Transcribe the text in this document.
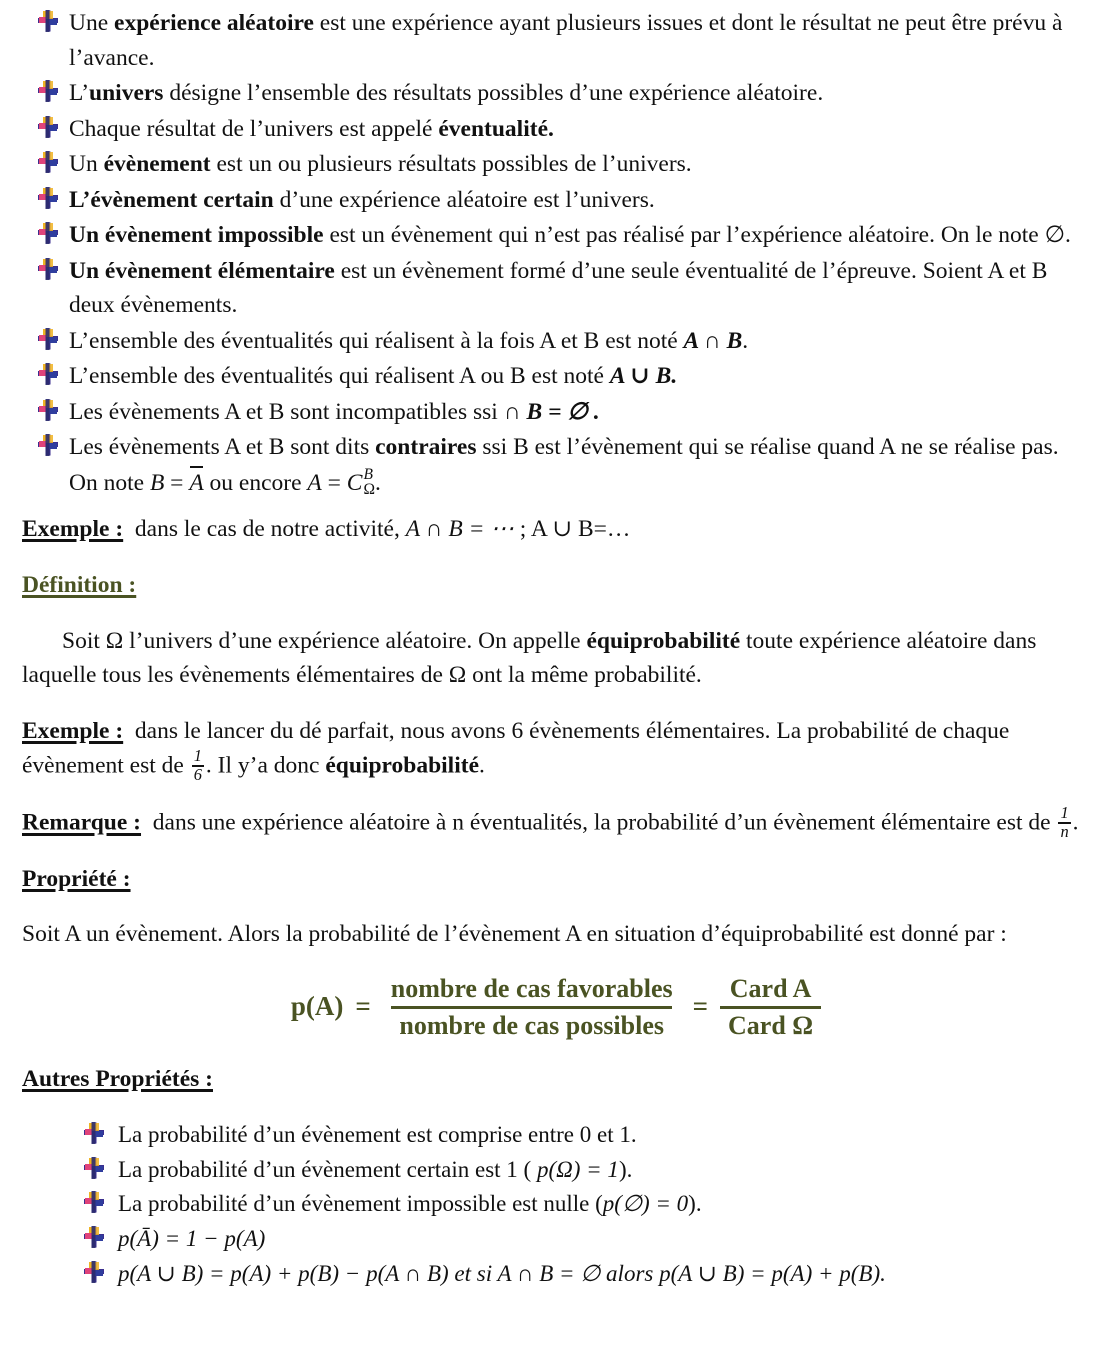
Une expérience aléatoire est une expérience ayant plusieurs issues et dont le résultat ne peut être prévu à l’avance.
L’univers désigne l’ensemble des résultats possibles d’une expérience aléatoire.
Chaque résultat de l’univers est appelé éventualité.
Un évènement est un ou plusieurs résultats possibles de l’univers.
L’évènement certain d’une expérience aléatoire est l’univers.
Un évènement impossible est un évènement qui n’est pas réalisé par l’expérience aléatoire. On le note ∅.
Un évènement élémentaire est un évènement formé d’une seule éventualité de l’épreuve. Soient A et B deux évènements.
L’ensemble des éventualités qui réalisent à la fois A et B est noté A ∩ B.
L’ensemble des éventualités qui réalisent A ou B est noté A ∪ B.
Les évènements A et B sont incompatibles ssi ∩ B = ∅ .
Les évènements A et B sont dits contraires ssi B est l’évènement qui se réalise quand A ne se réalise pas. On note B = A ou encore A = C B
Ω .

Exemple : dans le cas de notre activité, A ∩ B = ⋯ ; A ∪ B=…

Définition :

Soit Ω l’univers d’une expérience aléatoire. On appelle équiprobabilité toute expérience aléatoire dans laquelle tous les évènements élémentaires de Ω ont la même probabilité.

Exemple : dans le lancer du dé parfait, nous avons 6 évènements élémentaires. La probabilité de chaque évènement est de $\frac{1}{6}$ . Il y’a donc équiprobabilité.

Remarque : dans une expérience aléatoire à n éventualités, la probabilité d’un évènement élémentaire est de $\frac{1}{n}$ .

Propriété :

Soit A un évènement. Alors la probabilité de l’évènement A en situation d’équiprobabilité est donné par :

p(A) =
nombre de cas favorables
nombre de cas possibles
=
Card A
Card Ω

Autres Propriétés :

La probabilité d’un évènement est comprise entre 0 et 1.
La probabilité d’un évènement certain est 1 ( p(Ω) = 1).
La probabilité d’un évènement impossible est nulle (p(∅) = 0).
p(Ā) = 1 − p(A)
p(A ∪ B) = p(A) + p(B) − p(A ∩ B) et si A ∩ B = ∅ alors p(A ∪ B) = p(A) + p(B).
